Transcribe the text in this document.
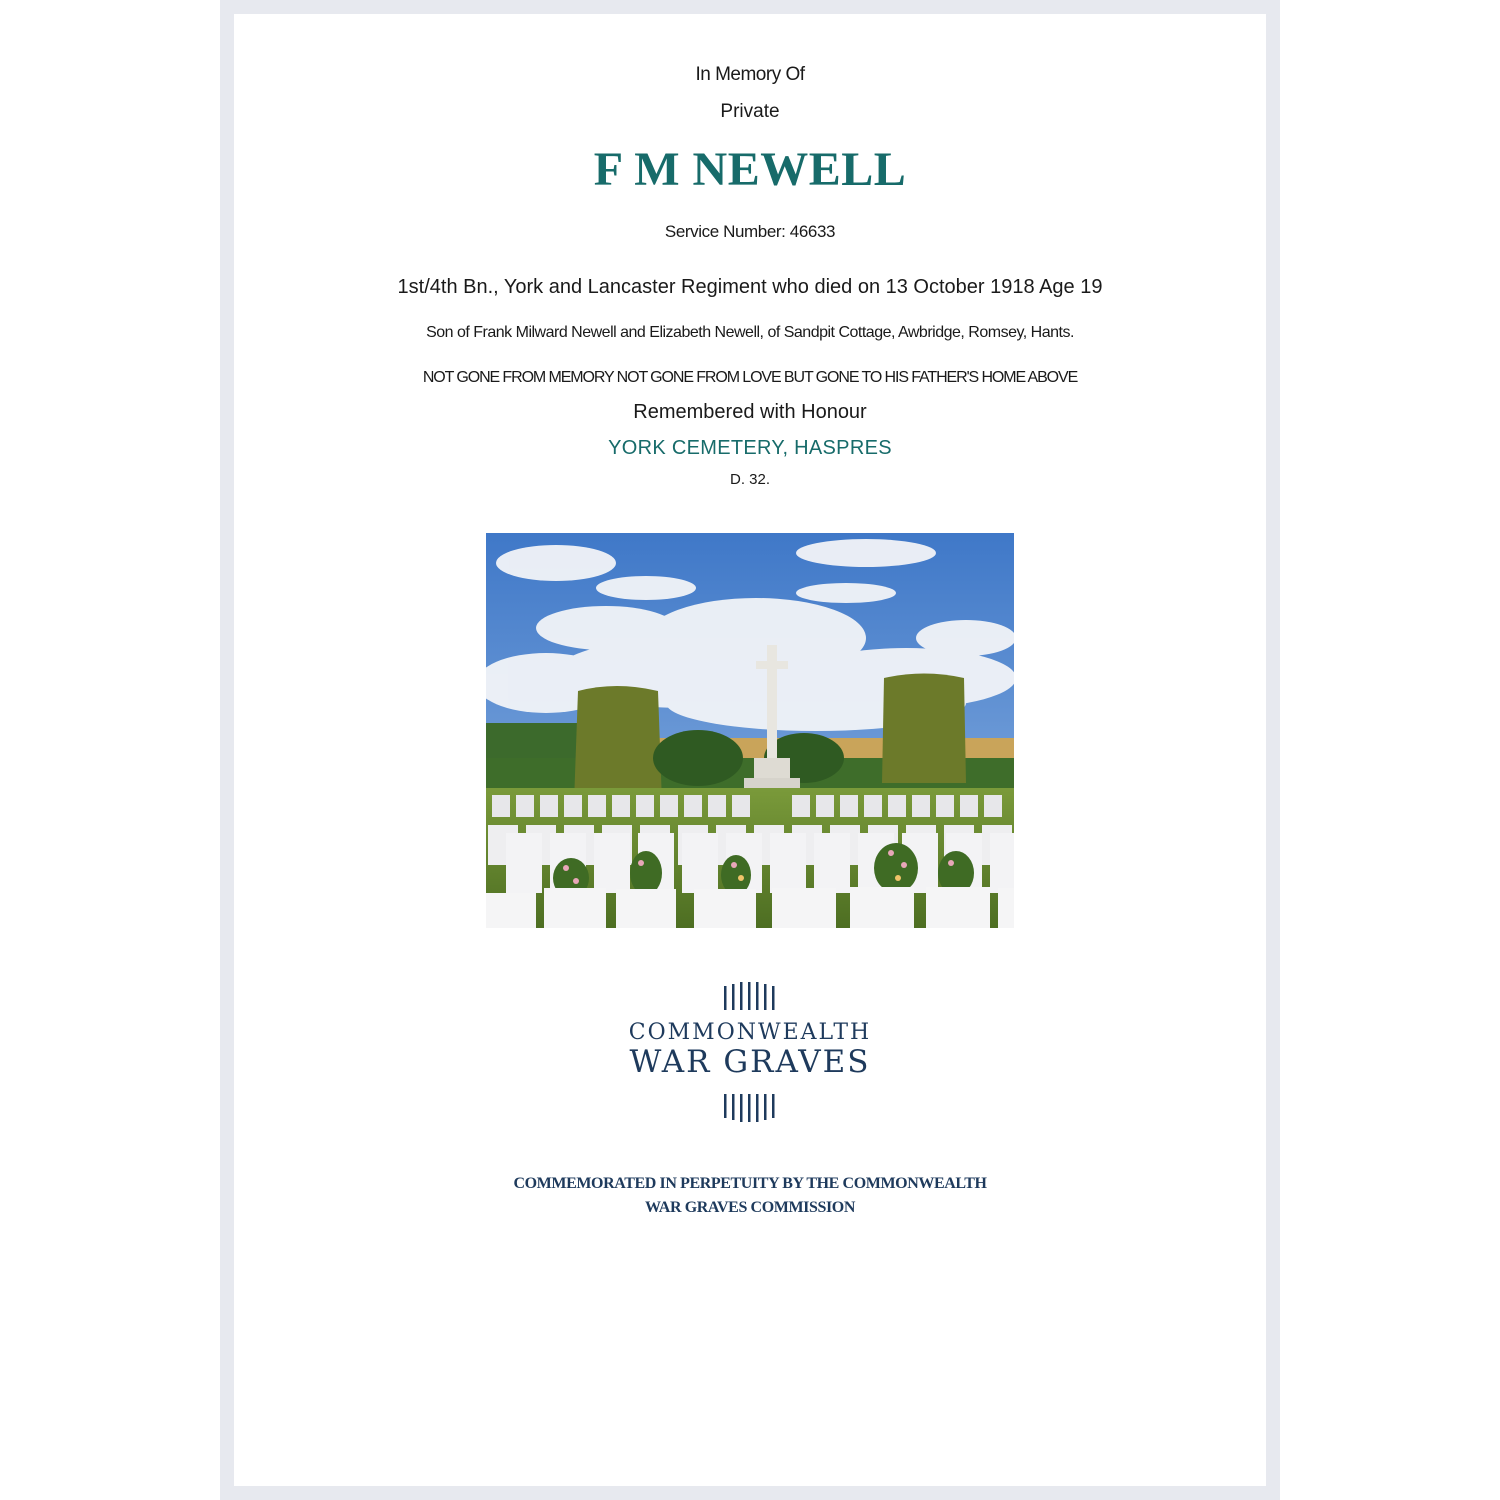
In Memory Of
Private
F M NEWELL
Service Number: 46633
1st/4th Bn., York and Lancaster Regiment who died on 13 October 1918 Age 19
Son of Frank Milward Newell and Elizabeth Newell, of Sandpit Cottage, Awbridge, Romsey, Hants.
NOT GONE FROM MEMORY NOT GONE FROM LOVE BUT GONE TO HIS FATHER'S HOME ABOVE
Remembered with Honour
YORK CEMETERY, HASPRES
D. 32.
COMMONWEALTH
WAR GRAVES
COMMEMORATED IN PERPETUITY BY THE COMMONWEALTH
WAR GRAVES COMMISSION
